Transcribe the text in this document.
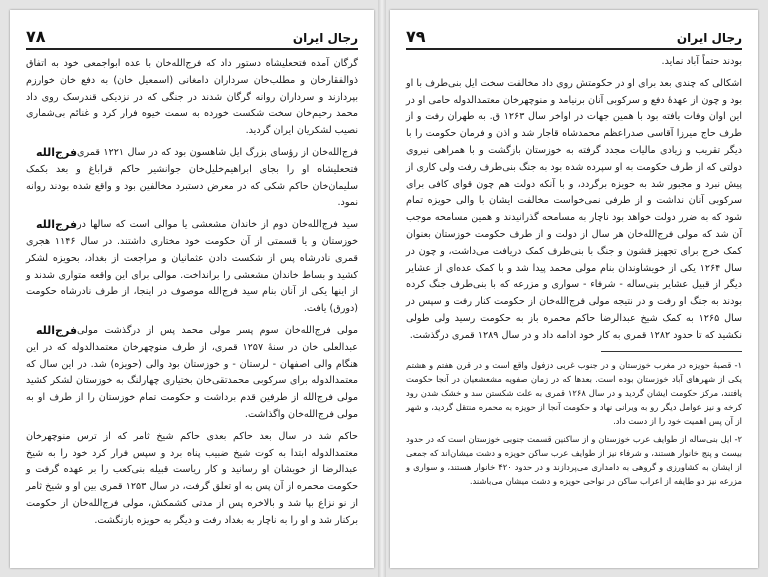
رجال ایران
۷۸

گرگان آمده فتحعلیشاه دستور داد که فرج‌الله‌خان با عده ابواجمعی خود به اتفاق ذوالفقارخان و مطلب‌خان سرداران دامغانی (اسمعیل خان) به دفع خان خوارزم بپردازند و سرداران روانه گرگان شدند در جنگی که در نزدیکی قندرسک روی داد محمد رحیم‌خان سخت شکست خورده به سمت خیوه فرار کرد و غنائم بی‌شماری نصیب لشکریان ایران گردید.

فرج‌الله فرج‌الله‌خان از رؤسای بزرگ ایل شاهسون بود که در سال ۱۲۲۱ قمری فتحعلیشاه او را بجای ابراهیم‌خلیل‌خان جوانشیر حاکم قراباغ و بعد بکمک سلیمان‌خان حاکم شکی که در معرض دستبرد مخالفین بود و واقع شده بودند روانه نمود.

فرج‌الله سید فرج‌الله‌خان دوم از خاندان مشعشی یا موالی است که سالها در خوزستان و یا قسمتی از آن حکومت خود مختاری داشتند. در سال ۱۱۴۶ هجری قمری نادرشاه پس از شکست دادن عثمانیان و مراجعت از بغداد، بحویزه لشکر کشید و بساط خاندان مشعشی را برانداخت. موالی برای این واقعه متواری شدند و از اینها یکی از آنان بنام سید فرج‌الله موصوف در اینجا، از طرف نادرشاه حکومت (دورق) یافت.

فرج‌الله مولی فرج‌الله‌خان سوم پسر مولی محمد پس از درگذشت مولی عبدالعلی خان در سنهٔ ۱۲۵۷ قمری، از طرف منوچهرخان معتمدالدوله که در این هنگام والی اصفهان - لرستان - و خوزستان بود والی (حویزه) شد. در این سال که معتمدالدوله برای سرکوبی محمدتقی‌خان بختیاری چهارلنگ به خوزستان لشکر کشید مولی فرج‌الله از طرفین قدم برداشت و حکومت تمام خوزستان را از طرف او به مولی فرج‌الله‌خان واگذاشت.

حاکم شد در سال بعد حاکم بعدی حاکم شیخ ثامر که از ترس منوچهرخان معتمدالدوله ابتدا به کوت شیخ ضبیب پناه برد و سپس فرار کرد خود را به شیخ عبدالرضا از خویشان او رسانید و کار ریاست قبیله بنی‌کعب را بر عهده گرفت و حکومت محمره از آن پس به او تعلق گرفت، در سال ۱۲۵۳ قمری بین او و شیخ ثامر از نو نزاع بپا شد و بالاخره پس از مدتی کشمکش، مولی فرج‌الله‌خان از حکومت برکنار شد و او را به ناچار به بغداد رفت و دیگر به حویزه بازنگشت.

رجال ایران
۷۹

بودند حتماً آباد نماید.

اشکالی که چندی بعد برای او در حکومتش روی داد مخالفت سخت ایل بنی‌طرف با او بود و چون از عهدهٔ دفع و سرکوبی آنان برنیامد و منوچهرخان معتمدالدوله حامی او در این اوان وفات یافته بود با همین جهات در اواخر سال ۱۲۶۳ ق. به طهران رفت و از طرف حاج میرزا آقاسی صدراعظم محمدشاه قاجار شد و اذن و فرمان حکومت را با دیگر تقریب و زیادی مالیات مجدد گرفته به خوزستان بازگشت و با همراهی نیروی دولتی که از طرف حکومت به او سپرده شده بود به جنگ بنی‌طرف رفت ولی کاری از پیش نبرد و مجبور شد به حویزه برگردد، و با آنکه دولت هم چون قوای کافی برای سرکوبی آنان نداشت و از طرفی نمی‌خواست مخالفت ایشان با والی حویزه تمام شود که به ضرر دولت خواهد بود ناچار به مسامحه گذرانیدند و همین مسامحه موجب آن شد که مولی فرج‌الله‌خان هر سال از دولت و از طرف حکومت خوزستان بعنوان کمک خرج برای تجهیز قشون و جنگ با بنی‌طرف کمک دریافت می‌داشت، و چون در سال ۱۲۶۴ یکی از خویشاوندان بنام مولی محمد پیدا شد و با کمک عده‌ای از عشایر دیگر از قبیل عشایر بنی‌ساله - شرفاء - سواری و مزرعه که با بنی‌طرف جنگ کرده بودند به جنگ او رفت و در نتیجه مولی فرج‌الله‌خان از حکومت کنار رفت و سپس در سال ۱۲۶۵ به کمک شیخ عبدالرضا حاکم محمره باز به حکومت رسید ولی طولی نکشید که تا حدود ۱۲۸۲ قمری به کار خود ادامه داد و در سال ۱۲۸۹ قمری درگذشت.

۱- قصبهٔ حویزه در مغرب خوزستان و در جنوب غربی دزفول واقع است و در قرن هفتم و هشتم یکی از شهرهای آباد خوزستان بوده است. بعدها که در زمان صفویه مشعشعیان در آنجا حکومت یافتند، مرکز حکومت ایشان گردید و در سال ۱۲۶۸ قمری به علت شکستن سد و خشک شدن رود کرخه و نیز عوامل دیگر رو به ویرانی نهاد و حکومت آنجا از حویزه به محمره منتقل گردید، و شهر از آن پس اهمیت خود را از دست داد.

۲- ایل بنی‌ساله از طوایف عرب خوزستان و از ساکنین قسمت جنوبی خوزستان است که در حدود بیست و پنج خانوار هستند، و شرفاء نیز از طوایف عرب ساکن حویزه و دشت میشان‌اند که جمعی از ایشان به کشاورزی و گروهی به دامداری می‌پردازند و در حدود ۴۲۰ خانوار هستند، و سواری و مزرعه نیز دو طایفه از اعراب ساکن در نواحی حویزه و دشت میشان می‌باشند.
